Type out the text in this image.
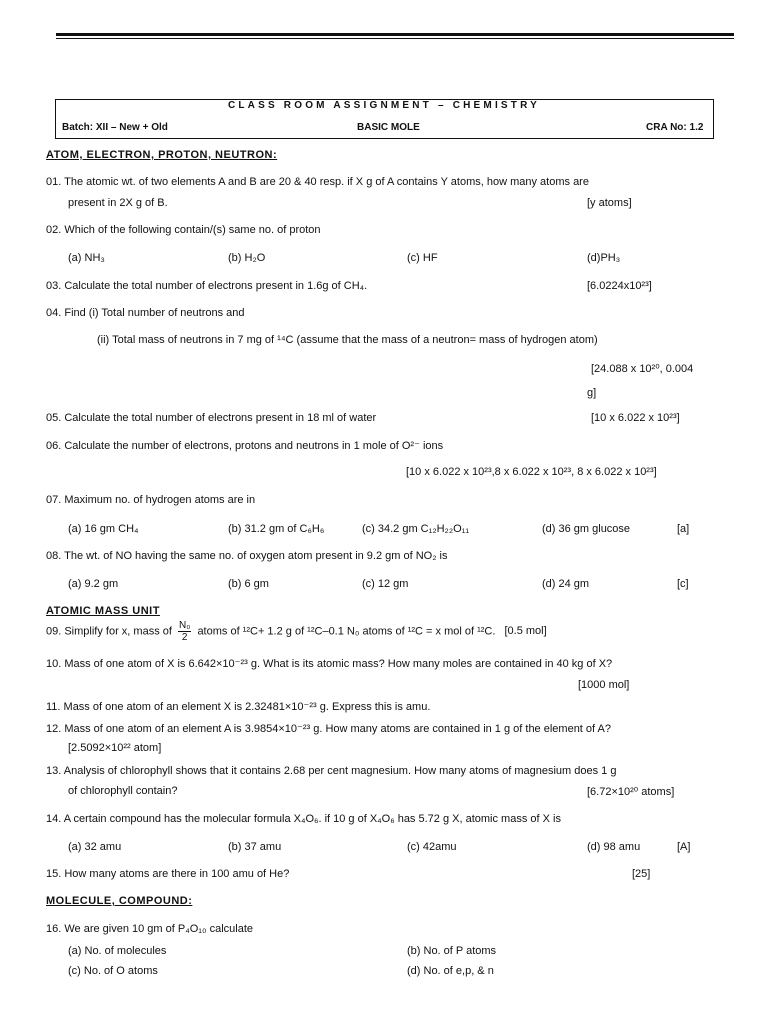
CLASS ROOM ASSIGNMENT – CHEMISTRY
Batch: XII – New + Old	BASIC MOLE	CRA No: 1.2
ATOM, ELECTRON, PROTON, NEUTRON:
01. The atomic wt. of two elements A and B are 20 & 40 resp. if X g of A contains Y atoms, how many atoms are
present in 2X g of B.	[y atoms]
02. Which of the following contain/(s) same no. of proton
(a) NH₃	(b) H₂O	(c) HF	(d)PH₃
03. Calculate the total number of electrons present in 1.6g of CH₄.	[6.0224x10²³]
04. Find (i) Total number of neutrons and
(ii) Total mass of neutrons in 7 mg of ¹⁴C (assume that the mass of a neutron= mass of hydrogen atom)
[24.088 x 10²⁰, 0.004
g]
05. Calculate the total number of electrons present in 18 ml of water	[10 x 6.022 x 10²³]
06. Calculate the number of electrons, protons and neutrons in 1 mole of O²⁻ ions
[10 x 6.022 x 10²³,8 x 6.022 x 10²³, 8 x 6.022 x 10²³]
07. Maximum no. of hydrogen atoms are in
(a) 16 gm CH₄	(b) 31.2 gm of C₆H₆	(c) 34.2 gm C₁₂H₂₂O₁₁	(d) 36 gm glucose	[a]
08. The wt. of NO having the same no. of oxygen atom present in 9.2 gm of NO₂ is
(a) 9.2 gm	(b) 6 gm	(c) 12 gm	(d) 24 gm	[c]
ATOMIC MASS UNIT
09. Simplify for x, mass of $\frac{\text{N₀}}{2}$ atoms of ¹²C+ 1.2 g of ¹²C–0.1 N₀ atoms of ¹²C = x mol of ¹²C. [0.5 mol]
10. Mass of one atom of X is 6.642×10⁻²³ g. What is its atomic mass? How many moles are contained in 40 kg of X?
[1000 mol]
11. Mass of one atom of an element X is 2.32481×10⁻²³ g. Express this is amu.
12. Mass of one atom of an element A is 3.9854×10⁻²³ g. How many atoms are contained in 1 g of the element of A?
[2.5092×10²² atom]
13. Analysis of chlorophyll shows that it contains 2.68 per cent magnesium. How many atoms of magnesium does 1 g
of chlorophyll contain?	[6.72×10²⁰ atoms]
14. A certain compound has the molecular formula X₄O₆. if 10 g of X₄O₆ has 5.72 g X, atomic mass of X is
(a) 32 amu	(b) 37 amu	(c) 42amu	(d) 98 amu	[A]
15. How many atoms are there in 100 amu of He?	[25]
MOLECULE, COMPOUND:
16. We are given 10 gm of P₄O₁₀ calculate
(a) No. of molecules	(b) No. of P atoms
(c) No. of O atoms	(d) No. of e,p, & n
